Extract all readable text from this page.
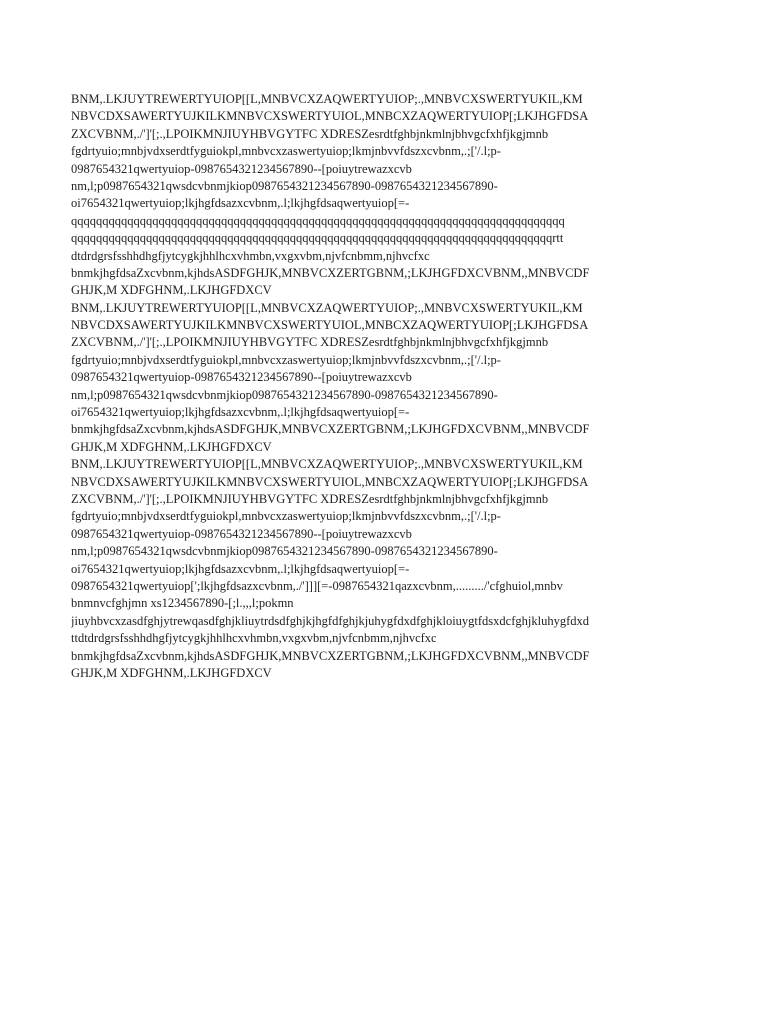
BNM,.LKJUYTREWERTYUIOP[[L,MNBVCXZAQWERTYUIOP;.,MNBVCXSWERTYUKIL,KM
NBVCDXSAWERTYUJKILKMNBVCXSWERTYUIOL,MNBCXZAQWERTYUIOP[;LKJHGFDSA
ZXCVBNM,./']'[;.,LPOIKMNJIUYHBVGYTFC XDRESZesrdtfghbjnkmlnjbhvgcfxhfjkgjmnb
fgdrtyuio;mnbjvdxserdtfyguiokpl,mnbvcxzaswertyuiop;lkmjnbvvfdszxcvbnm,.;['/.l;p-
0987654321qwertyuiop-0987654321234567890--[poiuytrewazxcvb
nm,l;p0987654321qwsdcvbnmjkiop0987654321234567890-0987654321234567890-
oi7654321qwertyuiop;lkjhgfdsazxcvbnm,.l;lkjhgfdsaqwertyuiop[=-
qqqqqqqqqqqqqqqqqqqqqqqqqqqqqqqqqqqqqqqqqqqqqqqqqqqqqqqqqqqqqqqqqqqqqqqqqqqqqqq
qqqqqqqqqqqqqqqqqqqqqqqqqqqqqqqqqqqqqqqqqqqqqqqqqqqqqqqqqqqqqqqqqqqqqqqqqqqqqrtt
dtdrdgrsfsshhdhgfjytcygkjhhlhcxvhmbn,vxgxvbm,njvfcnbmm,njhvcfxc
bnmkjhgfdsaZxcvbnm,kjhdsASDFGHJK,MNBVCXZERTGBNM,;LKJHGFDXCVBNM,,MNBVCDF
GHJK,M XDFGHNM,.LKJHGFDXCV
BNM,.LKJUYTREWERTYUIOP[[L,MNBVCXZAQWERTYUIOP;.,MNBVCXSWERTYUKIL,KM
NBVCDXSAWERTYUJKILKMNBVCXSWERTYUIOL,MNBCXZAQWERTYUIOP[;LKJHGFDSA
ZXCVBNM,./']'[;.,LPOIKMNJIUYHBVGYTFC XDRESZesrdtfghbjnkmlnjbhvgcfxhfjkgjmnb
fgdrtyuio;mnbjvdxserdtfyguiokpl,mnbvcxzaswertyuiop;lkmjnbvvfdszxcvbnm,.;['/.l;p-
0987654321qwertyuiop-0987654321234567890--[poiuytrewazxcvb
nm,l;p0987654321qwsdcvbnmjkiop0987654321234567890-0987654321234567890-
oi7654321qwertyuiop;lkjhgfdsazxcvbnm,.l;lkjhgfdsaqwertyuiop[=-
bnmkjhgfdsaZxcvbnm,kjhdsASDFGHJK,MNBVCXZERTGBNM,;LKJHGFDXCVBNM,,MNBVCDF
GHJK,M XDFGHNM,.LKJHGFDXCV
BNM,.LKJUYTREWERTYUIOP[[L,MNBVCXZAQWERTYUIOP;.,MNBVCXSWERTYUKIL,KM
NBVCDXSAWERTYUJKILKMNBVCXSWERTYUIOL,MNBCXZAQWERTYUIOP[;LKJHGFDSA
ZXCVBNM,./']'[;.,LPOIKMNJIUYHBVGYTFC XDRESZesrdtfghbjnkmlnjbhvgcfxhfjkgjmnb
fgdrtyuio;mnbjvdxserdtfyguiokpl,mnbvcxzaswertyuiop;lkmjnbvvfdszxcvbnm,.;['/.l;p-
0987654321qwertyuiop-0987654321234567890--[poiuytrewazxcvb
nm,l;p0987654321qwsdcvbnmjkiop0987654321234567890-0987654321234567890-
oi7654321qwertyuiop;lkjhgfdsazxcvbnm,.l;lkjhgfdsaqwertyuiop[=-
0987654321qwertyuiop[';lkjhgfdsazxcvbnm,./']]][=-0987654321qazxcvbnm,........./'cfghuiol,mnbv
bnmnvcfghjmn xs1234567890-[;l.,,,l;pokmn
jiuyhbvcxzasdfghjytrewqasdfghjkliuytrdsdfghjkjhgfdfghjkjuhygfdxdfghjkloiuygtfdsxdcfghjkluhygfdxd
ttdtdrdgrsfsshhdhgfjytcygkjhhlhcxvhmbn,vxgxvbm,njvfcnbmm,njhvcfxc
bnmkjhgfdsaZxcvbnm,kjhdsASDFGHJK,MNBVCXZERTGBNM,;LKJHGFDXCVBNM,,MNBVCDF
GHJK,M XDFGHNM,.LKJHGFDXCV
